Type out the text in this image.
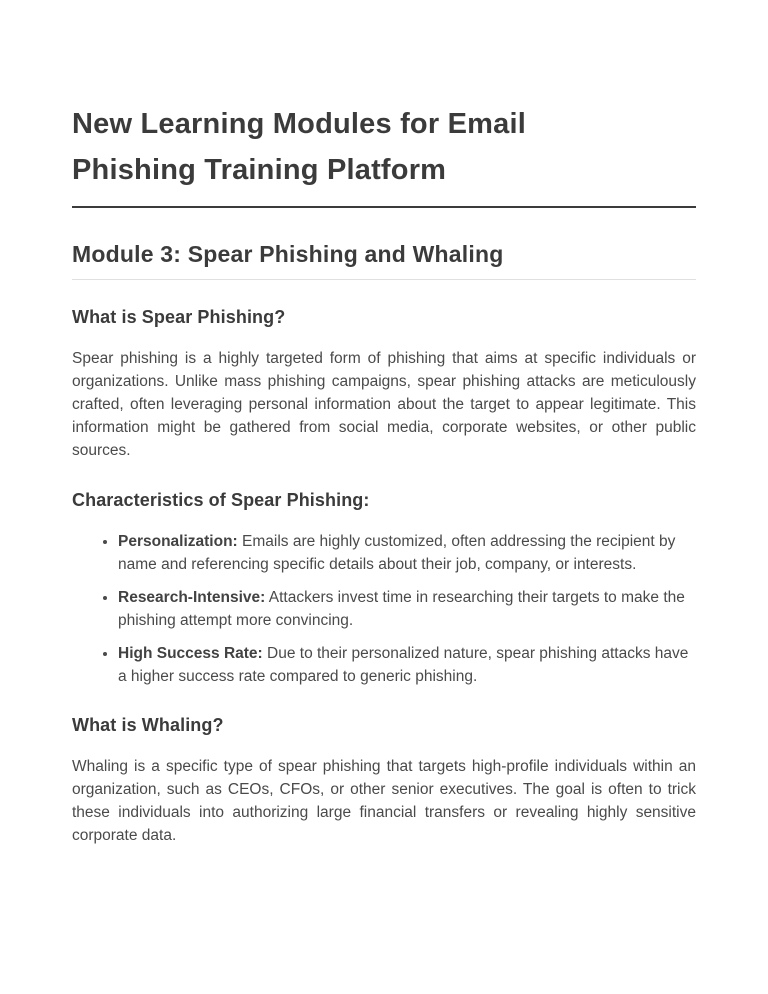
New Learning Modules for Email
Phishing Training Platform
Module 3: Spear Phishing and Whaling
What is Spear Phishing?

Spear phishing is a highly targeted form of phishing that aims at specific individuals or organizations. Unlike mass phishing campaigns, spear phishing attacks are meticulously crafted, often leveraging personal information about the target to appear legitimate. This information might be gathered from social media, corporate websites, or other public sources.

Characteristics of Spear Phishing:
• Personalization: Emails are highly customized, often addressing the recipient by name and referencing specific details about their job, company, or interests.
• Research-Intensive: Attackers invest time in researching their targets to make the phishing attempt more convincing.
• High Success Rate: Due to their personalized nature, spear phishing attacks have a higher success rate compared to generic phishing.
What is Whaling?

Whaling is a specific type of spear phishing that targets high-profile individuals within an organization, such as CEOs, CFOs, or other senior executives. The goal is often to trick these individuals into authorizing large financial transfers or revealing highly sensitive corporate data.
